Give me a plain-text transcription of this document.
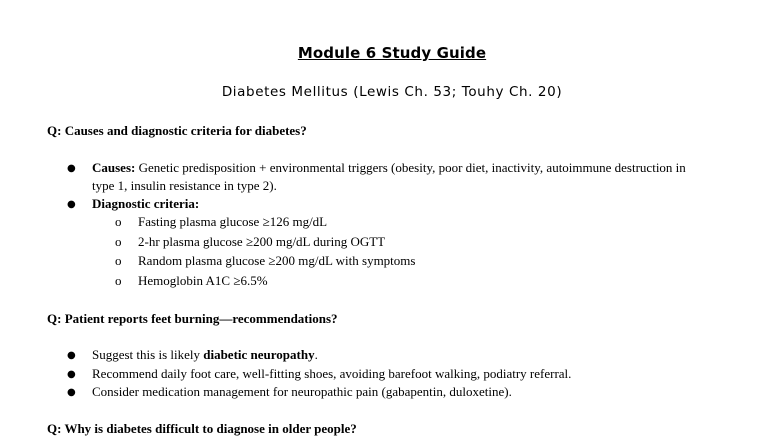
Module 6 Study Guide
Diabetes Mellitus (Lewis Ch. 53; Touhy Ch. 20)
Q: Causes and diagnostic criteria for diabetes?
● Causes: Genetic predisposition + environmental triggers (obesity, poor diet, inactivity, autoimmune destruction in
type 1, insulin resistance in type 2).
● Diagnostic criteria:
o Fasting plasma glucose ≥126 mg/dL
o 2-hr plasma glucose ≥200 mg/dL during OGTT
o Random plasma glucose ≥200 mg/dL with symptoms
o Hemoglobin A1C ≥6.5%
Q: Patient reports feet burning—recommendations?
● Suggest this is likely diabetic neuropathy.
● Recommend daily foot care, well-fitting shoes, avoiding barefoot walking, podiatry referral.
● Consider medication management for neuropathic pain (gabapentin, duloxetine).
Q: Why is diabetes difficult to diagnose in older people?
